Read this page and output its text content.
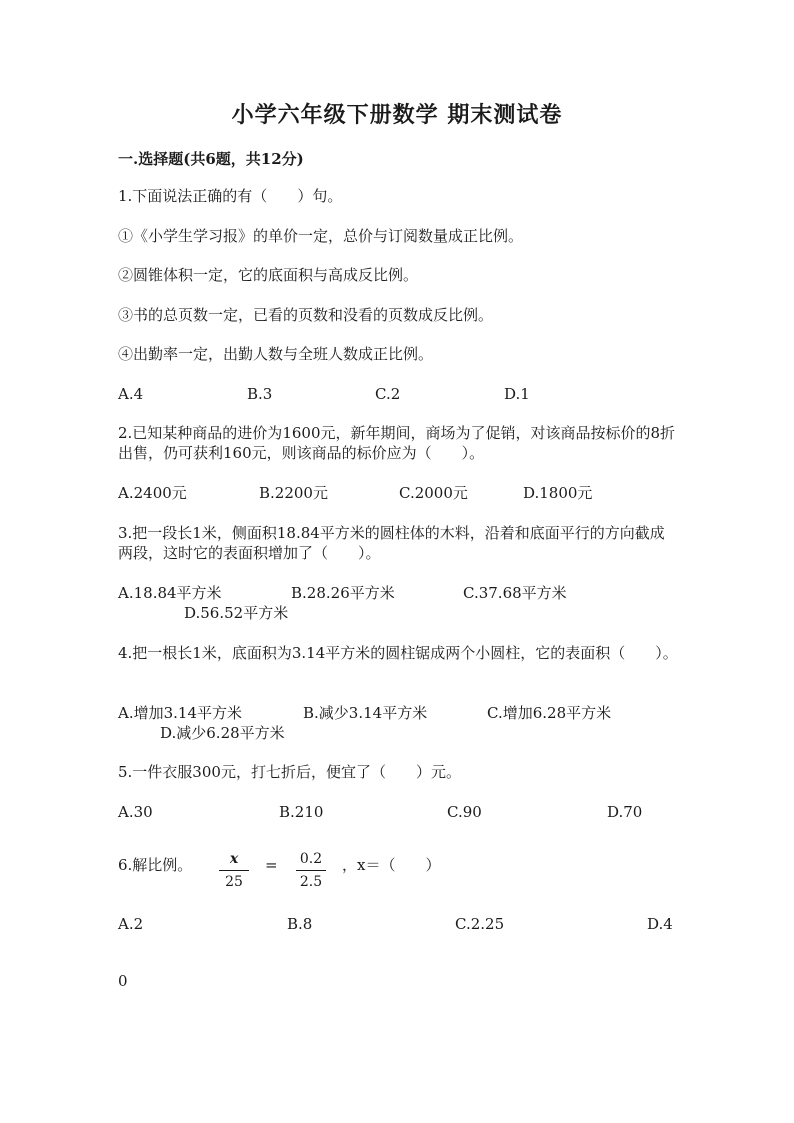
小学六年级下册数学 期末测试卷
一.选择题(共6题，共12分)
1.下面说法正确的有（　　）句。
①《小学生学习报》的单价一定，总价与订阅数量成正比例。
②圆锥体积一定，它的底面积与高成反比例。
③书的总页数一定，已看的页数和没看的页数成反比例。
④出勤率一定，出勤人数与全班人数成正比例。
A.4	B.3	C.2	D.1
2.已知某种商品的进价为1600元，新年期间，商场为了促销，对该商品按标价的8折出售，仍可获利160元，则该商品的标价应为（　　）。
A.2400元	B.2200元	C.2000元	D.1800元
3.把一段长1米，侧面积18.84平方米的圆柱体的木料，沿着和底面平行的方向截成两段，这时它的表面积增加了（　　）。
A.18.84平方米	B.28.26平方米	C.37.68平方米
D.56.52平方米
4.把一根长1米，底面积为3.14平方米的圆柱锯成两个小圆柱，它的表面积（　　）。
A.增加3.14平方米	B.减少3.14平方米	C.增加6.28平方米
D.减少6.28平方米
5.一件衣服300元，打七折后，便宜了（　　）元。
A.30	B.210	C.90	D.70
6.解比例。	x
25
= 0.2
2.5
，x＝（　　）
A.2	B.8	C.2.25	D.4
0
